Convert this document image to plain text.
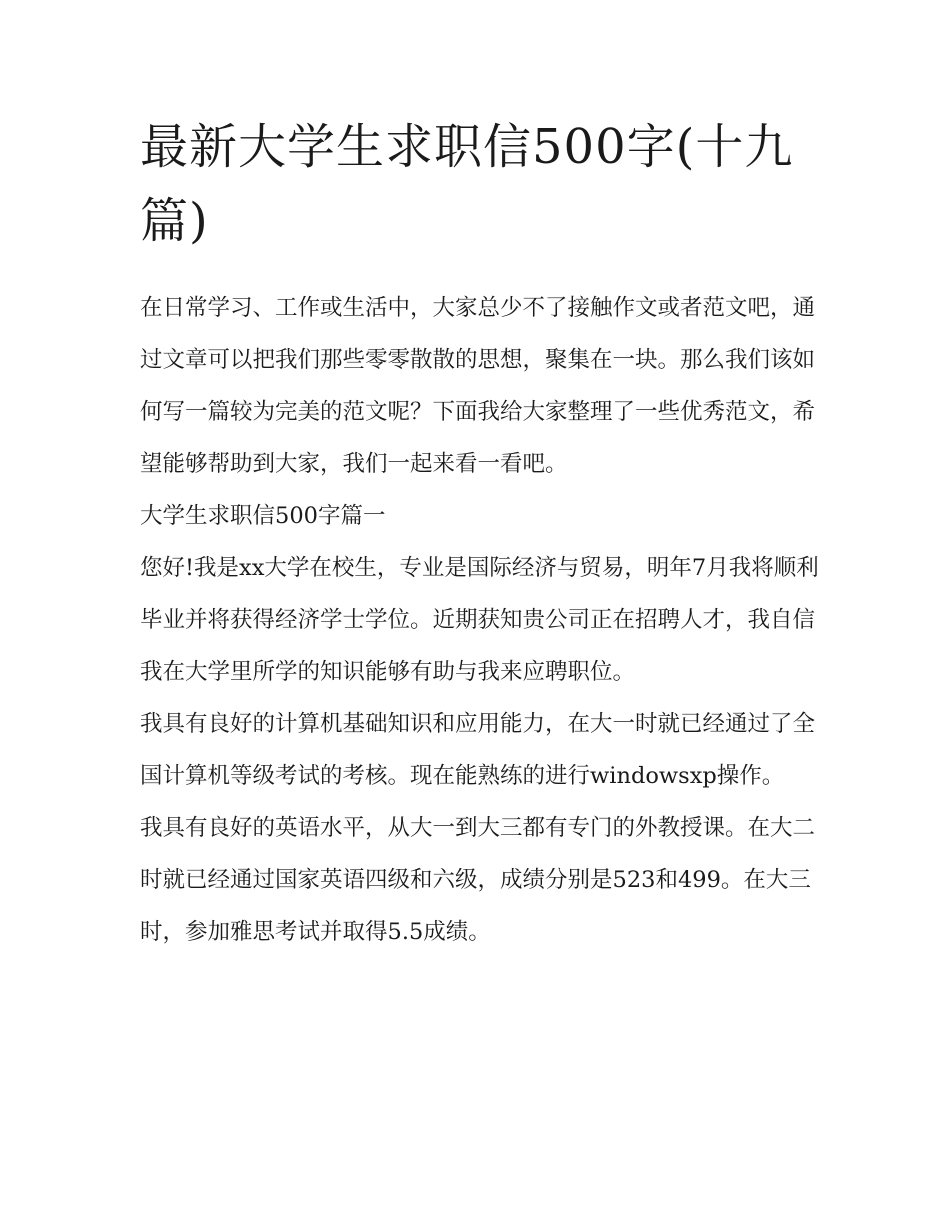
最新大学生求职信500字(十九篇)

在日常学习、工作或生活中，大家总少不了接触作文或者范文吧，通过文章可以把我们那些零零散散的思想，聚集在一块。那么我们该如何写一篇较为完美的范文呢？下面我给大家整理了一些优秀范文，希望能够帮助到大家，我们一起来看一看吧。

大学生求职信500字篇一

您好!我是xx大学在校生，专业是国际经济与贸易，明年7月我将顺利毕业并将获得经济学士学位。近期获知贵公司正在招聘人才，我自信我在大学里所学的知识能够有助与我来应聘职位。

我具有良好的计算机基础知识和应用能力，在大一时就已经通过了全国计算机等级考试的考核。现在能熟练的进行windowsxp操作。

我具有良好的英语水平，从大一到大三都有专门的外教授课。在大二时就已经通过国家英语四级和六级，成绩分别是523和499。在大三时，参加雅思考试并取得5.5成绩。
